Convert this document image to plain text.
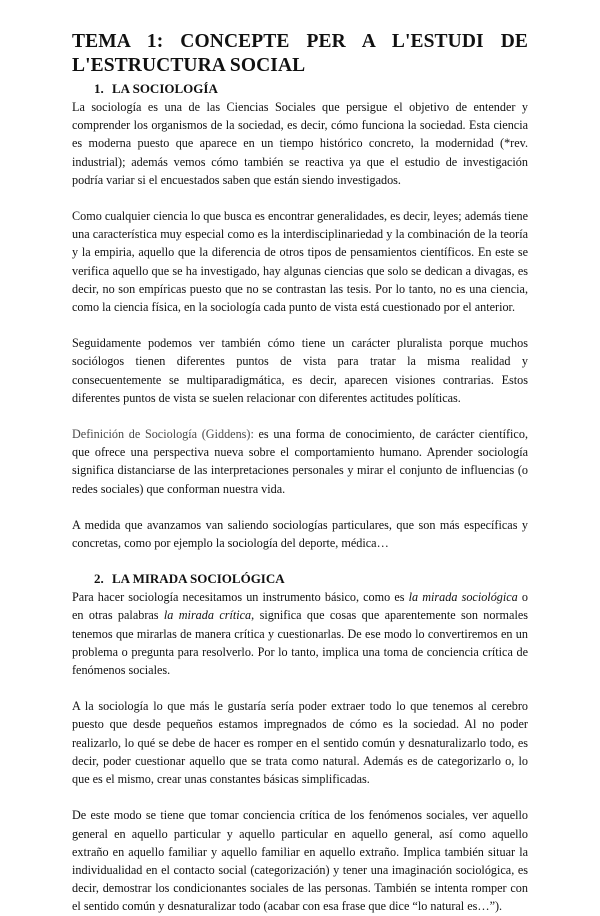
TEMA 1: CONCEPTE PER A L'ESTUDI DE L'ESTRUCTURA SOCIAL
1. LA SOCIOLOGÍA

La sociología es una de las Ciencias Sociales que persigue el objetivo de entender y comprender los organismos de la sociedad, es decir, cómo funciona la sociedad. Esta ciencia es moderna puesto que aparece en un tiempo histórico concreto, la modernidad (*rev. industrial); además vemos cómo también se reactiva ya que el estudio de investigación podría variar si el encuestados saben que están siendo investigados.

Como cualquier ciencia lo que busca es encontrar generalidades, es decir, leyes; además tiene una característica muy especial como es la interdisciplinariedad y la combinación de la teoría y la empiria, aquello que la diferencia de otros tipos de pensamientos científicos. En este se verifica aquello que se ha investigado, hay algunas ciencias que solo se dedican a divagas, es decir, no son empíricas puesto que no se contrastan las tesis. Por lo tanto, no es una ciencia, como la ciencia física, en la sociología cada punto de vista está cuestionado por el anterior.

Seguidamente podemos ver también cómo tiene un carácter pluralista porque muchos sociólogos tienen diferentes puntos de vista para tratar la misma realidad y consecuentemente se multiparadigmática, es decir, aparecen visiones contrarias. Estos diferentes puntos de vista se suelen relacionar con diferentes actitudes políticas.

Definición de Sociología (Giddens): es una forma de conocimiento, de carácter científico, que ofrece una perspectiva nueva sobre el comportamiento humano. Aprender sociología significa distanciarse de las interpretaciones personales y mirar el conjunto de influencias (o redes sociales) que conforman nuestra vida.

A medida que avanzamos van saliendo sociologías particulares, que son más específicas y concretas, como por ejemplo la sociología del deporte, médica…

2. LA MIRADA SOCIOLÓGICA

Para hacer sociología necesitamos un instrumento básico, como es la mirada sociológica o en otras palabras la mirada crítica, significa que cosas que aparentemente son normales tenemos que mirarlas de manera crítica y cuestionarlas. De ese modo lo convertiremos en un problema o pregunta para resolverlo. Por lo tanto, implica una toma de conciencia crítica de fenómenos sociales.

A la sociología lo que más le gustaría sería poder extraer todo lo que tenemos al cerebro puesto que desde pequeños estamos impregnados de cómo es la sociedad. Al no poder realizarlo, lo qué se debe de hacer es romper en el sentido común y desnaturalizarlo todo, es decir, poder cuestionar aquello que se trata como natural. Además es de categorizarlo o, lo que es el mismo, crear unas constantes básicas simplificadas.

De este modo se tiene que tomar conciencia crítica de los fenómenos sociales, ver aquello general en aquello particular y aquello particular en aquello general, así como aquello extraño en aquello familiar y aquello familiar en aquello extraño. Implica también situar la individualidad en el contacto social (categorización) y tener una imaginación sociológica, es decir, demostrar los condicionantes sociales de las personas. También se intenta romper con el sentido común y desnaturalizar todo (acabar con esa frase que dice “lo natural es…”).
